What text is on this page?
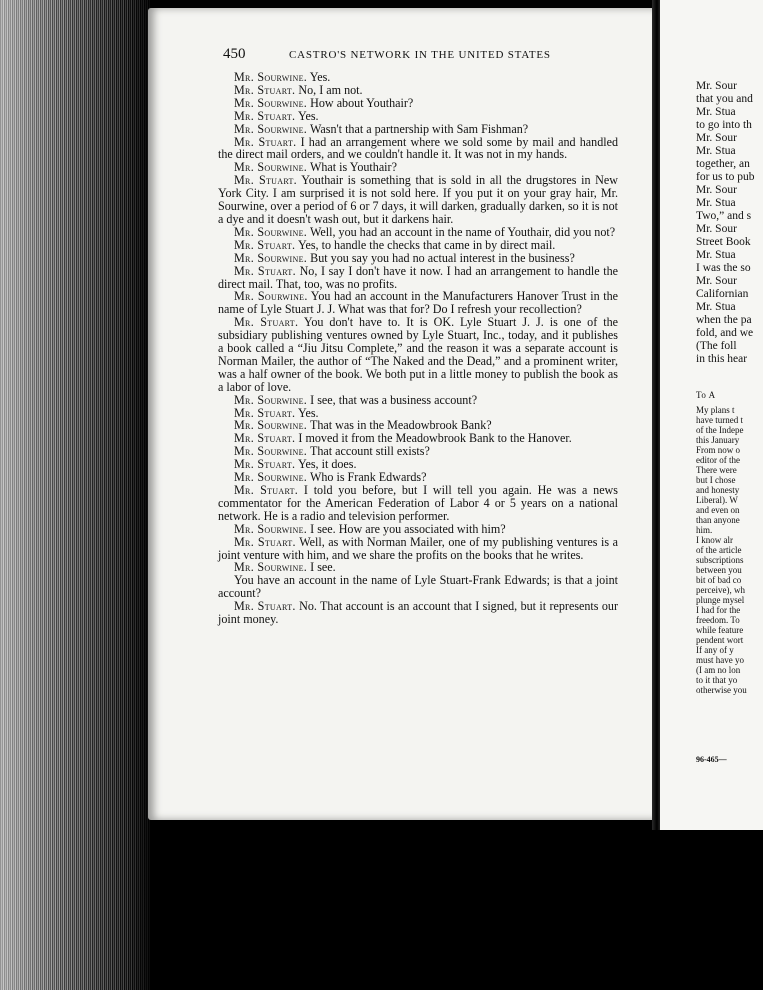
450	CASTRO'S NETWORK IN THE UNITED STATES

Mr. Sourwine. Yes.

Mr. Stuart. No, I am not.

Mr. Sourwine. How about Youthair?

Mr. Stuart. Yes.

Mr. Sourwine. Wasn't that a partnership with Sam Fishman?

Mr. Stuart. I had an arrangement where we sold some by mail and handled the direct mail orders, and we couldn't handle it. It was not in my hands.

Mr. Sourwine. What is Youthair?

Mr. Stuart. Youthair is something that is sold in all the drugstores in New York City. I am surprised it is not sold here. If you put it on your gray hair, Mr. Sourwine, over a period of 6 or 7 days, it will darken, gradually darken, so it is not a dye and it doesn't wash out, but it darkens hair.

Mr. Sourwine. Well, you had an account in the name of Youthair, did you not?

Mr. Stuart. Yes, to handle the checks that came in by direct mail.

Mr. Sourwine. But you say you had no actual interest in the business?

Mr. Stuart. No, I say I don't have it now. I had an arrangement to handle the direct mail. That, too, was no profits.

Mr. Sourwine. You had an account in the Manufacturers Hanover Trust in the name of Lyle Stuart J. J. What was that for? Do I refresh your recollection?

Mr. Stuart. You don't have to. It is OK. Lyle Stuart J. J. is one of the subsidiary publishing ventures owned by Lyle Stuart, Inc., today, and it publishes a book called a “Jiu Jitsu Complete,” and the reason it was a separate account is Norman Mailer, the author of “The Naked and the Dead,” and a prominent writer, was a half owner of the book. We both put in a little money to publish the book as a labor of love.

Mr. Sourwine. I see, that was a business account?

Mr. Stuart. Yes.

Mr. Sourwine. That was in the Meadowbrook Bank?

Mr. Stuart. I moved it from the Meadowbrook Bank to the Hanover.

Mr. Sourwine. That account still exists?

Mr. Stuart. Yes, it does.

Mr. Sourwine. Who is Frank Edwards?

Mr. Stuart. I told you before, but I will tell you again. He was a news commentator for the American Federation of Labor 4 or 5 years on a national network. He is a radio and television performer.

Mr. Sourwine. I see. How are you associated with him?

Mr. Stuart. Well, as with Norman Mailer, one of my publishing ventures is a joint venture with him, and we share the profits on the books that he writes.

Mr. Sourwine. I see.

You have an account in the name of Lyle Stuart-Frank Edwards; is that a joint account?

Mr. Stuart. No. That account is an account that I signed, but it represents our joint money.

Mr. Sour
that you and
Mr. Stua
to go into th
Mr. Sour
Mr. Stua
together, an
for us to pub
Mr. Sour
Mr. Stua
Two,” and s
Mr. Sour
Street Book
Mr. Stua
I was the so
Mr. Sour
Californian
Mr. Stua
when the pa
fold, and we
(The foll
in this hear
To A
My plans t
have turned t
of the Indepe
this January
From now o
editor of the
There were
but I chose
and honesty
Liberal). W
and even on
than anyone
him.
I know alr
of the article
subscriptions
between you
bit of bad co
perceive), wh
plunge mysel
I had for the
freedom. To
while feature
pendent wort
If any of y
must have yo
(I am no lon
to it that yo
otherwise you
96-465—
